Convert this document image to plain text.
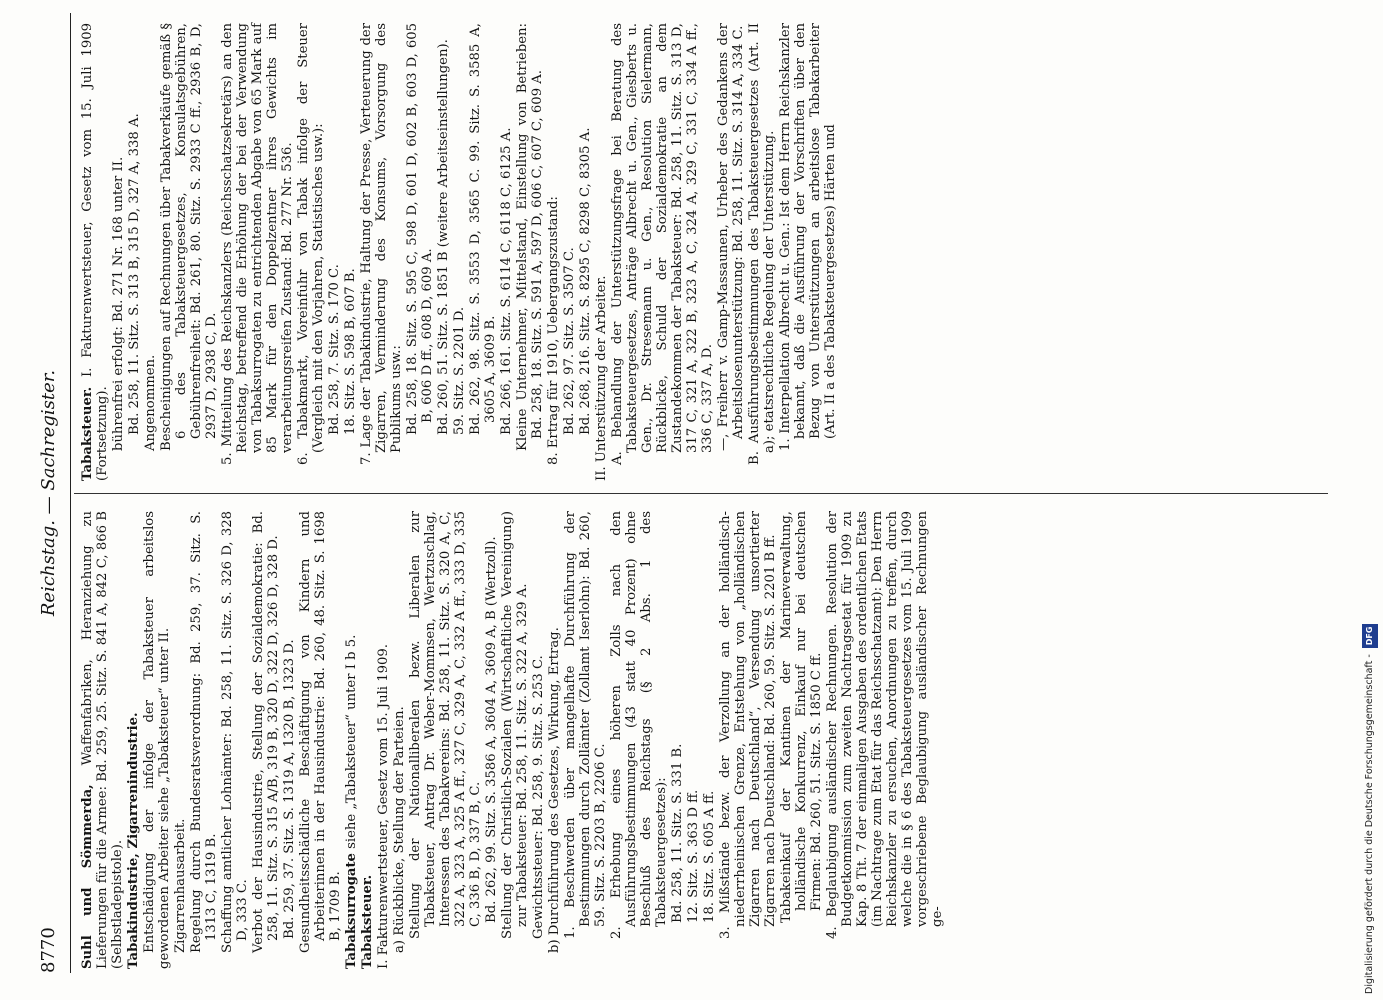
8770
Reichstag. — Sachregister.

Suhl und Sömmerda, Waffenfabriken, Heranziehung zu Lieferungen für die Armee: Bd. 259, 25. Sitz. S. 841 A, 842 C, 866 B (Selbstladepistole). Tabakindustrie, Zigarrenindustrie. Entschädigung der infolge der Tabaksteuer arbeitslos gewordenen Arbeiter siehe „Tabaksteuer“ unter II. Zigarrenhausarbeit. Regelung durch Bundesratsverordnung: Bd. 259, 37. Sitz. S. 1313 C, 1319 B. Schaffung amtlicher Lohnämter: Bd. 258, 11. Sitz. S. 326 D, 328 D, 333 C. Verbot der Hausindustrie, Stellung der Sozialdemokratie: Bd. 258, 11. Sitz. S. 315 A/B, 319 B, 320 D, 322 D, 326 D, 328 D. Bd. 259, 37. Sitz. S. 1319 A, 1320 B, 1323 D. Gesundheitsschädliche Beschäftigung von Kindern und Arbeiterinnen in der Hausindustrie: Bd. 260, 48. Sitz. S. 1698 B, 1709 B. Tabaksurrogate siehe „Tabaksteuer“ unter I b 5.

Tabaksteuer. I. Fakturenwertsteuer, Gesetz vom 15. Juli 1909. a) Rückblicke, Stellung der Parteien. Stellung der Nationalliberalen bezw. Liberalen zur Tabaksteuer, Antrag Dr. Weber-Mommsen, Wertzuschlag, Interessen des Tabakvereins: Bd. 258, 11. Sitz. S. 320 A, C, 322 A, 323 A, 325 A ff., 327 C, 329 A, C, 332 A ff., 333 D, 335 C, 336 B, D, 337 B, C. Bd. 262, 99. Sitz. S. 3586 A, 3604 A, 3609 A, B (Wertzoll). Stellung der Christlich-Sozialen (Wirtschaftliche Vereinigung) zur Tabaksteuer: Bd. 258, 11. Sitz. S. 322 A, 329 A. Gewichtssteuer: Bd. 258, 9. Sitz. S. 253 C. b) Durchführung des Gesetzes, Wirkung, Ertrag. 1. Beschwerden über mangelhafte Durchführung der Bestimmungen durch Zollämter (Zollamt Iserlohn): Bd. 260, 59. Sitz. S. 2203 B, 2206 C. 2. Erhebung eines höheren Zolls nach den Ausführungsbestimmungen (43 statt 40 Prozent) ohne Beschluß des Reichstags (§ 2 Abs. 1 des Tabaksteuergesetzes): Bd. 258, 11. Sitz. S. 331 B. 12. Sitz. S. 363 D ff. 18. Sitz. S. 605 A ff. 3. Mißstände bezw. der Verzollung an der holländisch-niederrheinischen Grenze, Entstehung von „holländischen Zigarren nach Deutschland“, Versendung unsortierter Zigarren nach Deutschland: Bd. 260, 59. Sitz. S. 2201 B ff. Tabakeinkauf der Kantinen der Marineverwaltung, holländische Konkurrenz, Einkauf nur bei deutschen Firmen: Bd. 260, 51. Sitz. S. 1850 C ff. 4. Beglaubigung ausländischer Rechnungen. Resolution der Budgetkommission zum zweiten Nachtragsetat für 1909 zu Kap. 8 Tit. 7 der einmaligen Ausgaben des ordentlichen Etats (im Nachtrage zum Etat für das Reichsschatzamt): Den Herrn Reichskanzler zu ersuchen, Anordnungen zu treffen, durch welche die in § 6 des Tabaksteuergesetzes vom 15. Juli 1909 vorgeschriebene Beglaubigung ausländischer Rechnungen ge-

Tabaksteuer. I. Fakturenwertsteuer, Gesetz vom 15. Juli 1909 (Fortsetzung). bührenfrei erfolgt: Bd. 271 Nr. 168 unter II. Bd. 258, 11. Sitz. S. 313 B, 315 D, 327 A, 338 A. Angenommen. Bescheinigungen auf Rechnungen über Tabakverkäufe gemäß § 6 des Tabaksteuergesetzes, Konsulatsgebühren, Gebührenfreiheit: Bd. 261, 80. Sitz. S. 2933 C ff., 2936 B, D, 2937 D, 2938 C, D. 5. Mitteilung des Reichskanzlers (Reichsschatzsekretärs) an den Reichstag, betreffend die Erhöhung der bei der Verwendung von Tabaksurrogaten zu entrichtenden Abgabe von 65 Mark auf 85 Mark für den Doppelzentner ihres Gewichts im verarbeitungsreifen Zustand: Bd. 277 Nr. 536. 6. Tabakmarkt, Voreinfuhr von Tabak infolge der Steuer (Vergleich mit den Vorjahren, Statistisches usw.): Bd. 258, 7. Sitz. S. 170 C. 18. Sitz. S. 598 B, 607 B. 7. Lage der Tabakindustrie, Haltung der Presse, Verteuerung der Zigarren, Verminderung des Konsums, Vorsorgung des Publikums usw.: Bd. 258, 18. Sitz. S. 595 C, 598 D, 601 D, 602 B, 603 D, 605 B, 606 D ff., 608 D, 609 A. Bd. 260, 51. Sitz. S. 1851 B (weitere Arbeitseinstellungen). 59. Sitz. S. 2201 D. Bd. 262, 98. Sitz. S. 3553 D, 3565 C. 99. Sitz. S. 3585 A, 3605 A, 3609 B. Bd. 266, 161. Sitz. S. 6114 C, 6118 C, 6125 A. Kleine Unternehmer, Mittelstand, Einstellung von Betrieben: Bd. 258, 18. Sitz. S. 591 A, 597 D, 606 C, 607 C, 609 A. 8. Ertrag für 1910, Uebergangszustand: Bd. 262, 97. Sitz. S. 3507 C. Bd. 268, 216. Sitz. S. 8295 C, 8298 C, 8305 A. II. Unterstützung der Arbeiter. A. Behandlung der Unterstützungsfrage bei Beratung des Tabaksteuergesetzes, Anträge Albrecht u. Gen., Giesberts u. Gen., Dr. Stresemann u. Gen., Resolution Sielermann, Rückblicke, Schuld der Sozialdemokratie an dem Zustandekommen der Tabaksteuer: Bd. 258, 11. Sitz. S. 313 D, 317 C, 321 A, 322 B, 323 A, C, 324 A, 329 C, 331 C, 334 A ff., 336 C, 337 A, D. —, Freiherr v. Gamp-Massaunen, Urheber des Gedankens der Arbeitslosenunterstützung: Bd. 258, 11. Sitz. S. 314 A, 334 C. B. Ausführungsbestimmungen des Tabaksteuergesetzes (Art. II a); etatsrechtliche Regelung der Unterstützung. 1. Interpellation Albrecht u. Gen.: Ist dem Herrn Reichskanzler bekannt, daß die Ausführung der Vorschriften über den Bezug von Unterstützungen an arbeitslose Tabakarbeiter (Art. II a des Tabaksteuergesetzes) Härten und

Digitalisierung gefördert durch die Deutsche Forschungsgemeinschaft -DFG
